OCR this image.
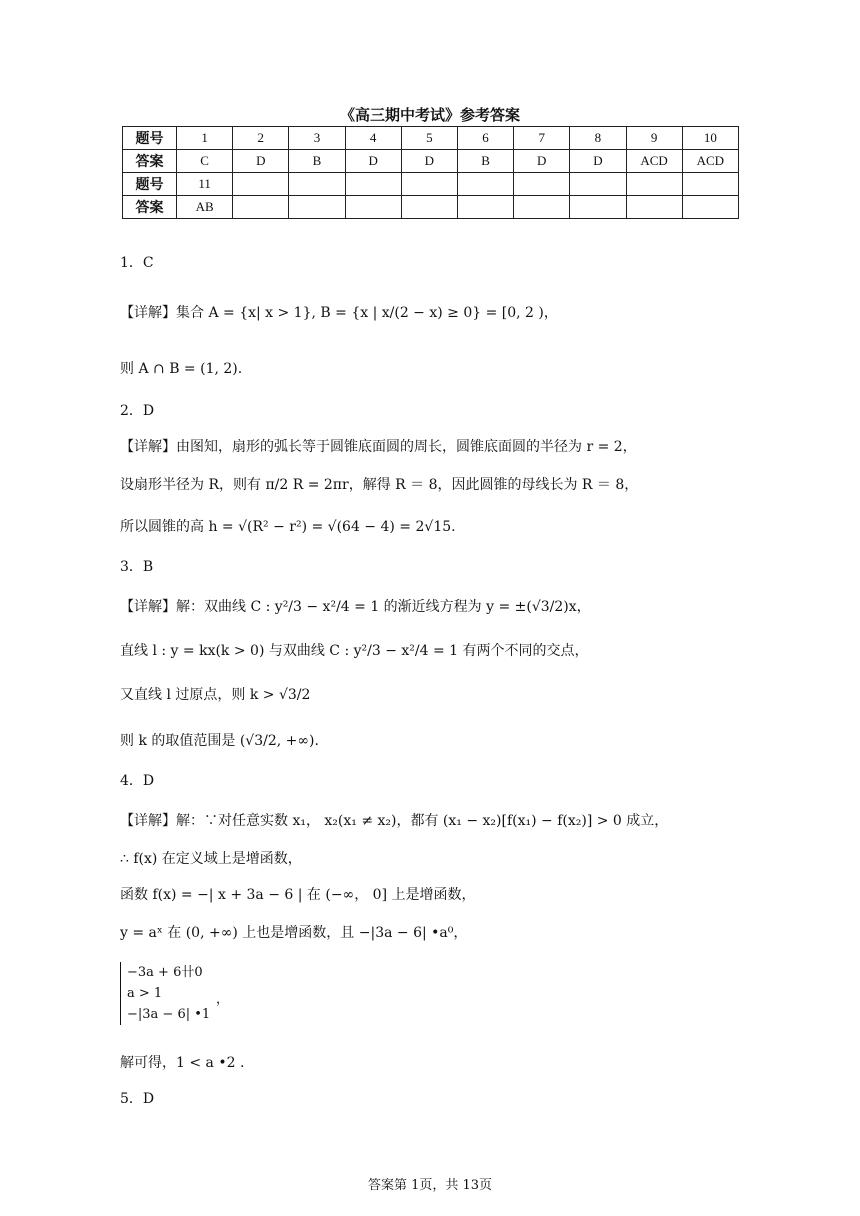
《高三期中考试》参考答案
题号	1	2	3	4	5	6	7	8	9	10
答案	C	D	B	D	D	B	D	D	ACD	ACD
题号	11									
答案	AB									
1．C
【详解】集合 A = {x| x > 1}, B = {x | x/(2 − x) ≥ 0} = [0, 2 )，
则 A ∩ B = (1, 2).
2．D
【详解】由图知，扇形的弧长等于圆锥底面圆的周长，圆锥底面圆的半径为 r = 2，
设扇形半径为 R，则有 π/2 R = 2πr，解得 R ＝ 8，因此圆锥的母线长为 R ＝ 8，
所以圆锥的高 h = √(R² − r²) = √(64 − 4) = 2√15.
3．B
【详解】解：双曲线 C : y²/3 − x²/4 = 1 的渐近线方程为 y = ±(√3/2)x，
直线 l : y = kx(k > 0) 与双曲线 C : y²/3 − x²/4 = 1 有两个不同的交点，
又直线 l 过原点，则 k > √3/2
则 k 的取值范围是 (√3/2, +∞).
4．D
【详解】解：∵对任意实数 x₁， x₂(x₁ ≠ x₂)，都有 (x₁ − x₂)[f(x₁) − f(x₂)] > 0 成立，
∴ f(x) 在定义域上是增函数，
函数 f(x) = −| x + 3a − 6 | 在 (−∞， 0] 上是增函数，
y = aˣ 在 (0, +∞) 上也是增函数，且 −|3a − 6| •a⁰，
−3a + 6卄0
a > 1
−|3a − 6| •1
，
解可得，1 < a •2 .
5．D
答案第 1页，共 13页
